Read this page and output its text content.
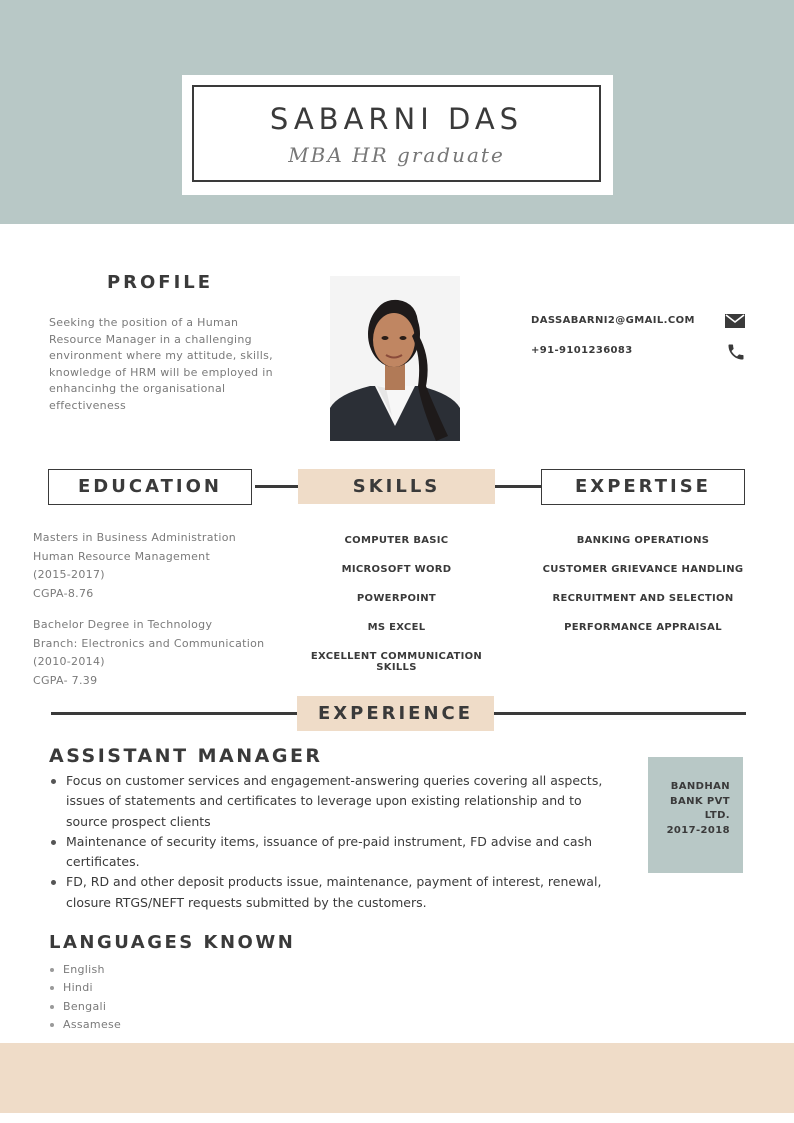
SABARNI DAS
MBA HR graduate
PROFILE
Seeking the position of a Human
Resource Manager in a challenging
environment where my attitude, skills,
knowledge of HRM will be employed in
enhancinhg the organisational
effectiveness
DASSABARNI2@GMAIL.COM
+91-9101236083
EDUCATION	SKILLS	EXPERTISE
Masters in Business Administration
Human Resource Management
(2015-2017)
CGPA-8.76
Bachelor Degree in Technology
Branch: Electronics and Communication
(2010-2014)
CGPA- 7.39
COMPUTER BASIC
MICROSOFT WORD
POWERPOINT
MS EXCEL
EXCELLENT COMMUNICATION SKILLS
BANKING OPERATIONS
CUSTOMER GRIEVANCE HANDLING
RECRUITMENT AND SELECTION
PERFORMANCE APPRAISAL
EXPERIENCE
ASSISTANT MANAGER
Focus on customer services and engagement-answering queries covering all aspects,
issues of statements and certificates to leverage upon existing relationship and to
source prospect clients
Maintenance of security items, issuance of pre-paid instrument, FD advise and cash
certificates.
FD, RD and other deposit products issue, maintenance, payment of interest, renewal,
closure RTGS/NEFT requests submitted by the customers.
BANDHAN
BANK PVT
LTD.
2017-2018
LANGUAGES KNOWN
English
Hindi
Bengali
Assamese
